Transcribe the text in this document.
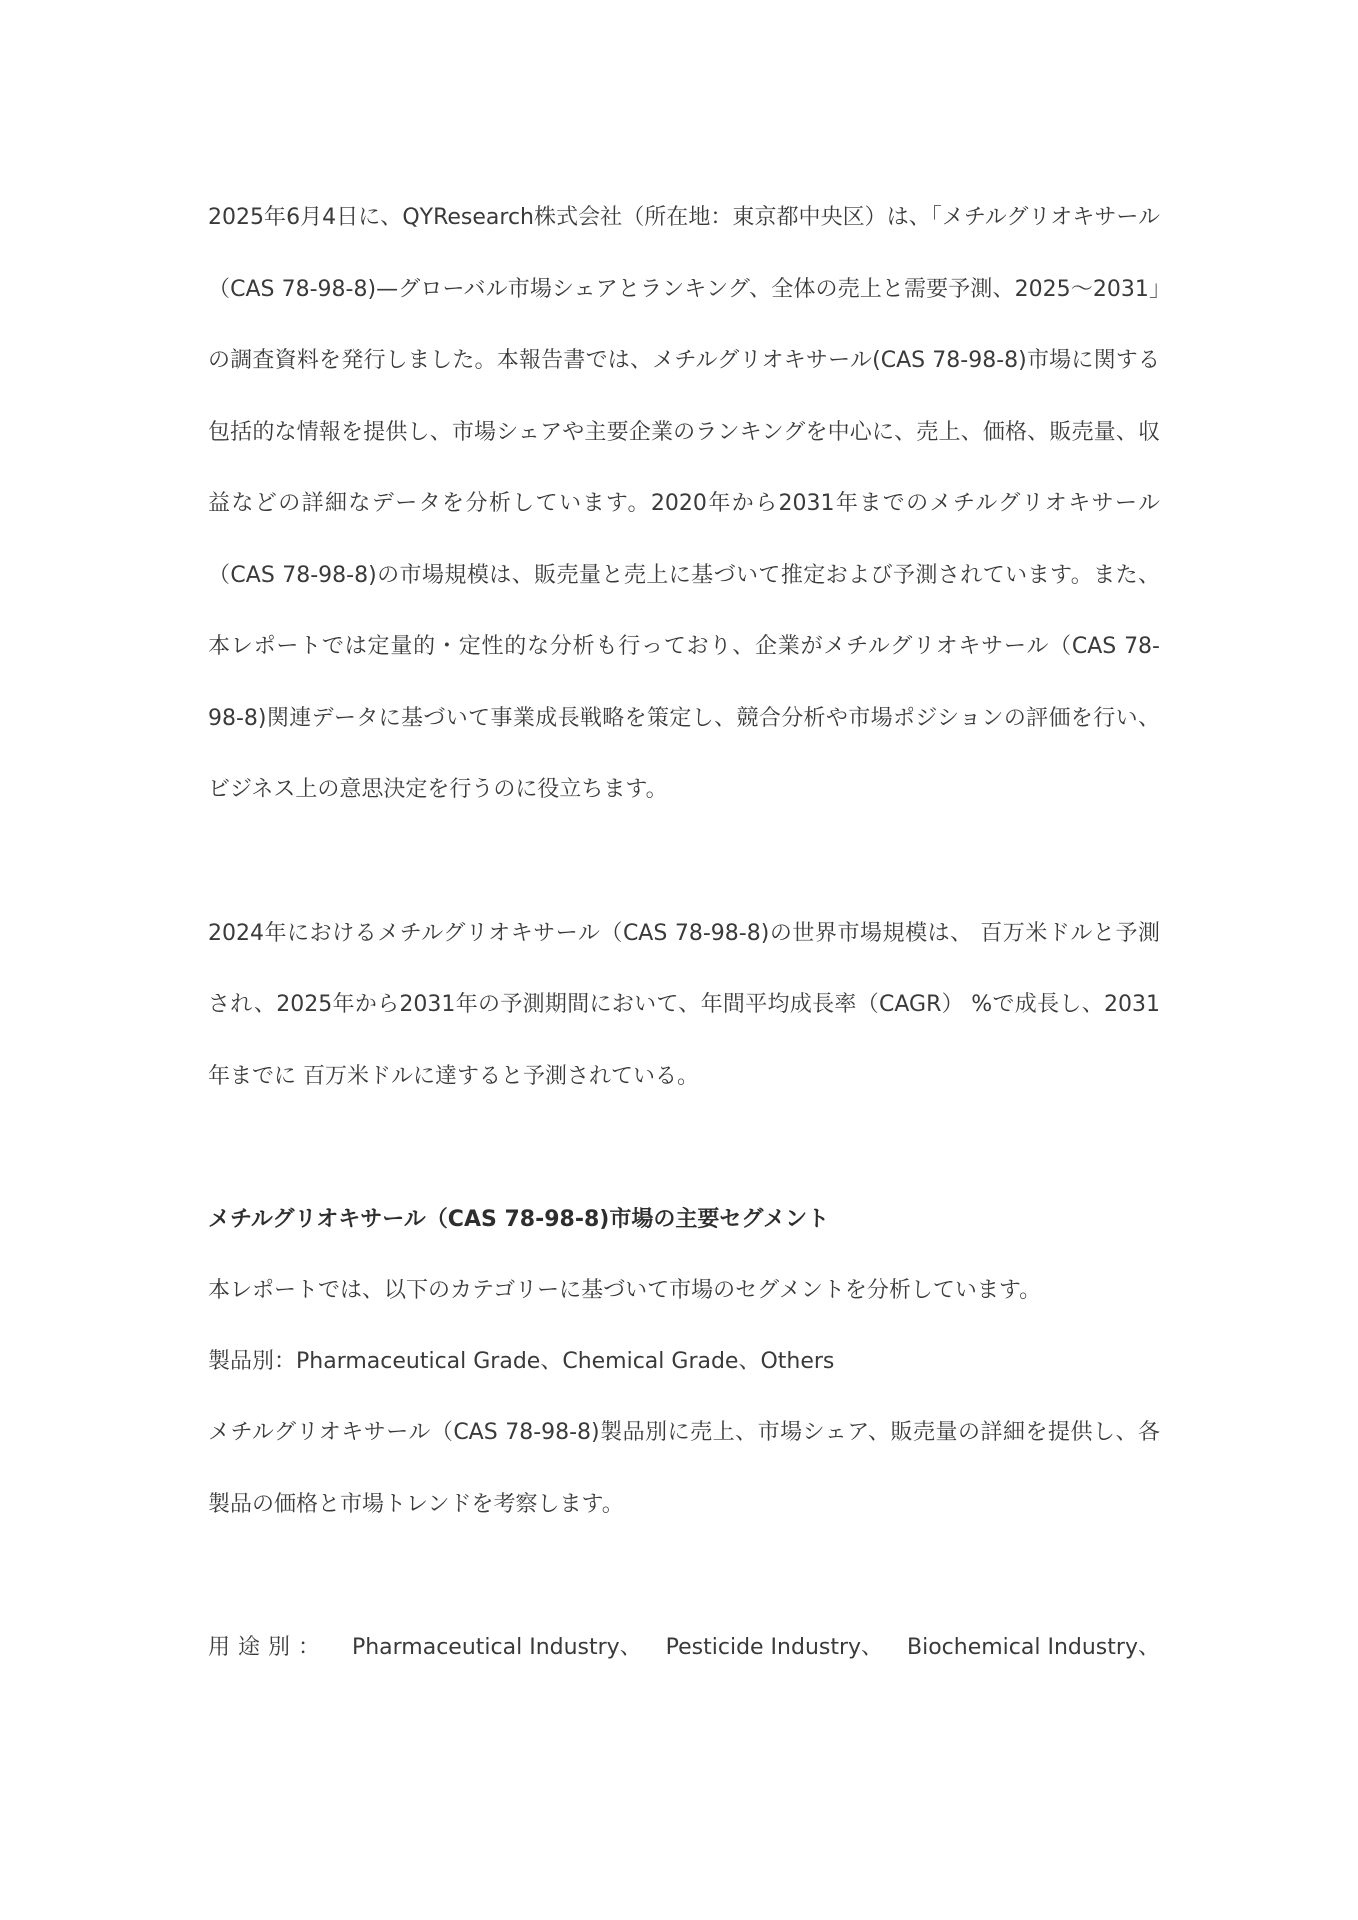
2025年6月4日に、QYResearch株式会社（所在地：東京都中央区）は、「メチルグリオキサール（CAS 78-98-8)—グローバル市場シェアとランキング、全体の売上と需要予測、2025～2031」の調査資料を発行しました。本報告書では、メチルグリオキサール(CAS 78-98-8)市場に関する包括的な情報を提供し、市場シェアや主要企業のランキングを中心に、売上、価格、販売量、収益などの詳細なデータを分析しています。2020年から2031年までのメチルグリオキサール（CAS 78-98-8)の市場規模は、販売量と売上に基づいて推定および予測されています。また、本レポートでは定量的・定性的な分析も行っており、企業がメチルグリオキサール（CAS 78-98-8)関連データに基づいて事業成長戦略を策定し、競合分析や市場ポジションの評価を行い、ビジネス上の意思決定を行うのに役立ちます。

2024年におけるメチルグリオキサール（CAS 78-98-8)の世界市場規模は、 百万米ドルと予測され、2025年から2031年の予測期間において、年間平均成長率（CAGR） %で成長し、2031年までに 百万米ドルに達すると予測されている。

メチルグリオキサール（CAS 78-98-8)市場の主要セグメント

本レポートでは、以下のカテゴリーに基づいて市場のセグメントを分析しています。

製品別：Pharmaceutical Grade、Chemical Grade、Others

メチルグリオキサール（CAS 78-98-8)製品別に売上、市場シェア、販売量の詳細を提供し、各製品の価格と市場トレンドを考察します。

用途別： Pharmaceutical Industry、 Pesticide Industry、 Biochemical Industry、
